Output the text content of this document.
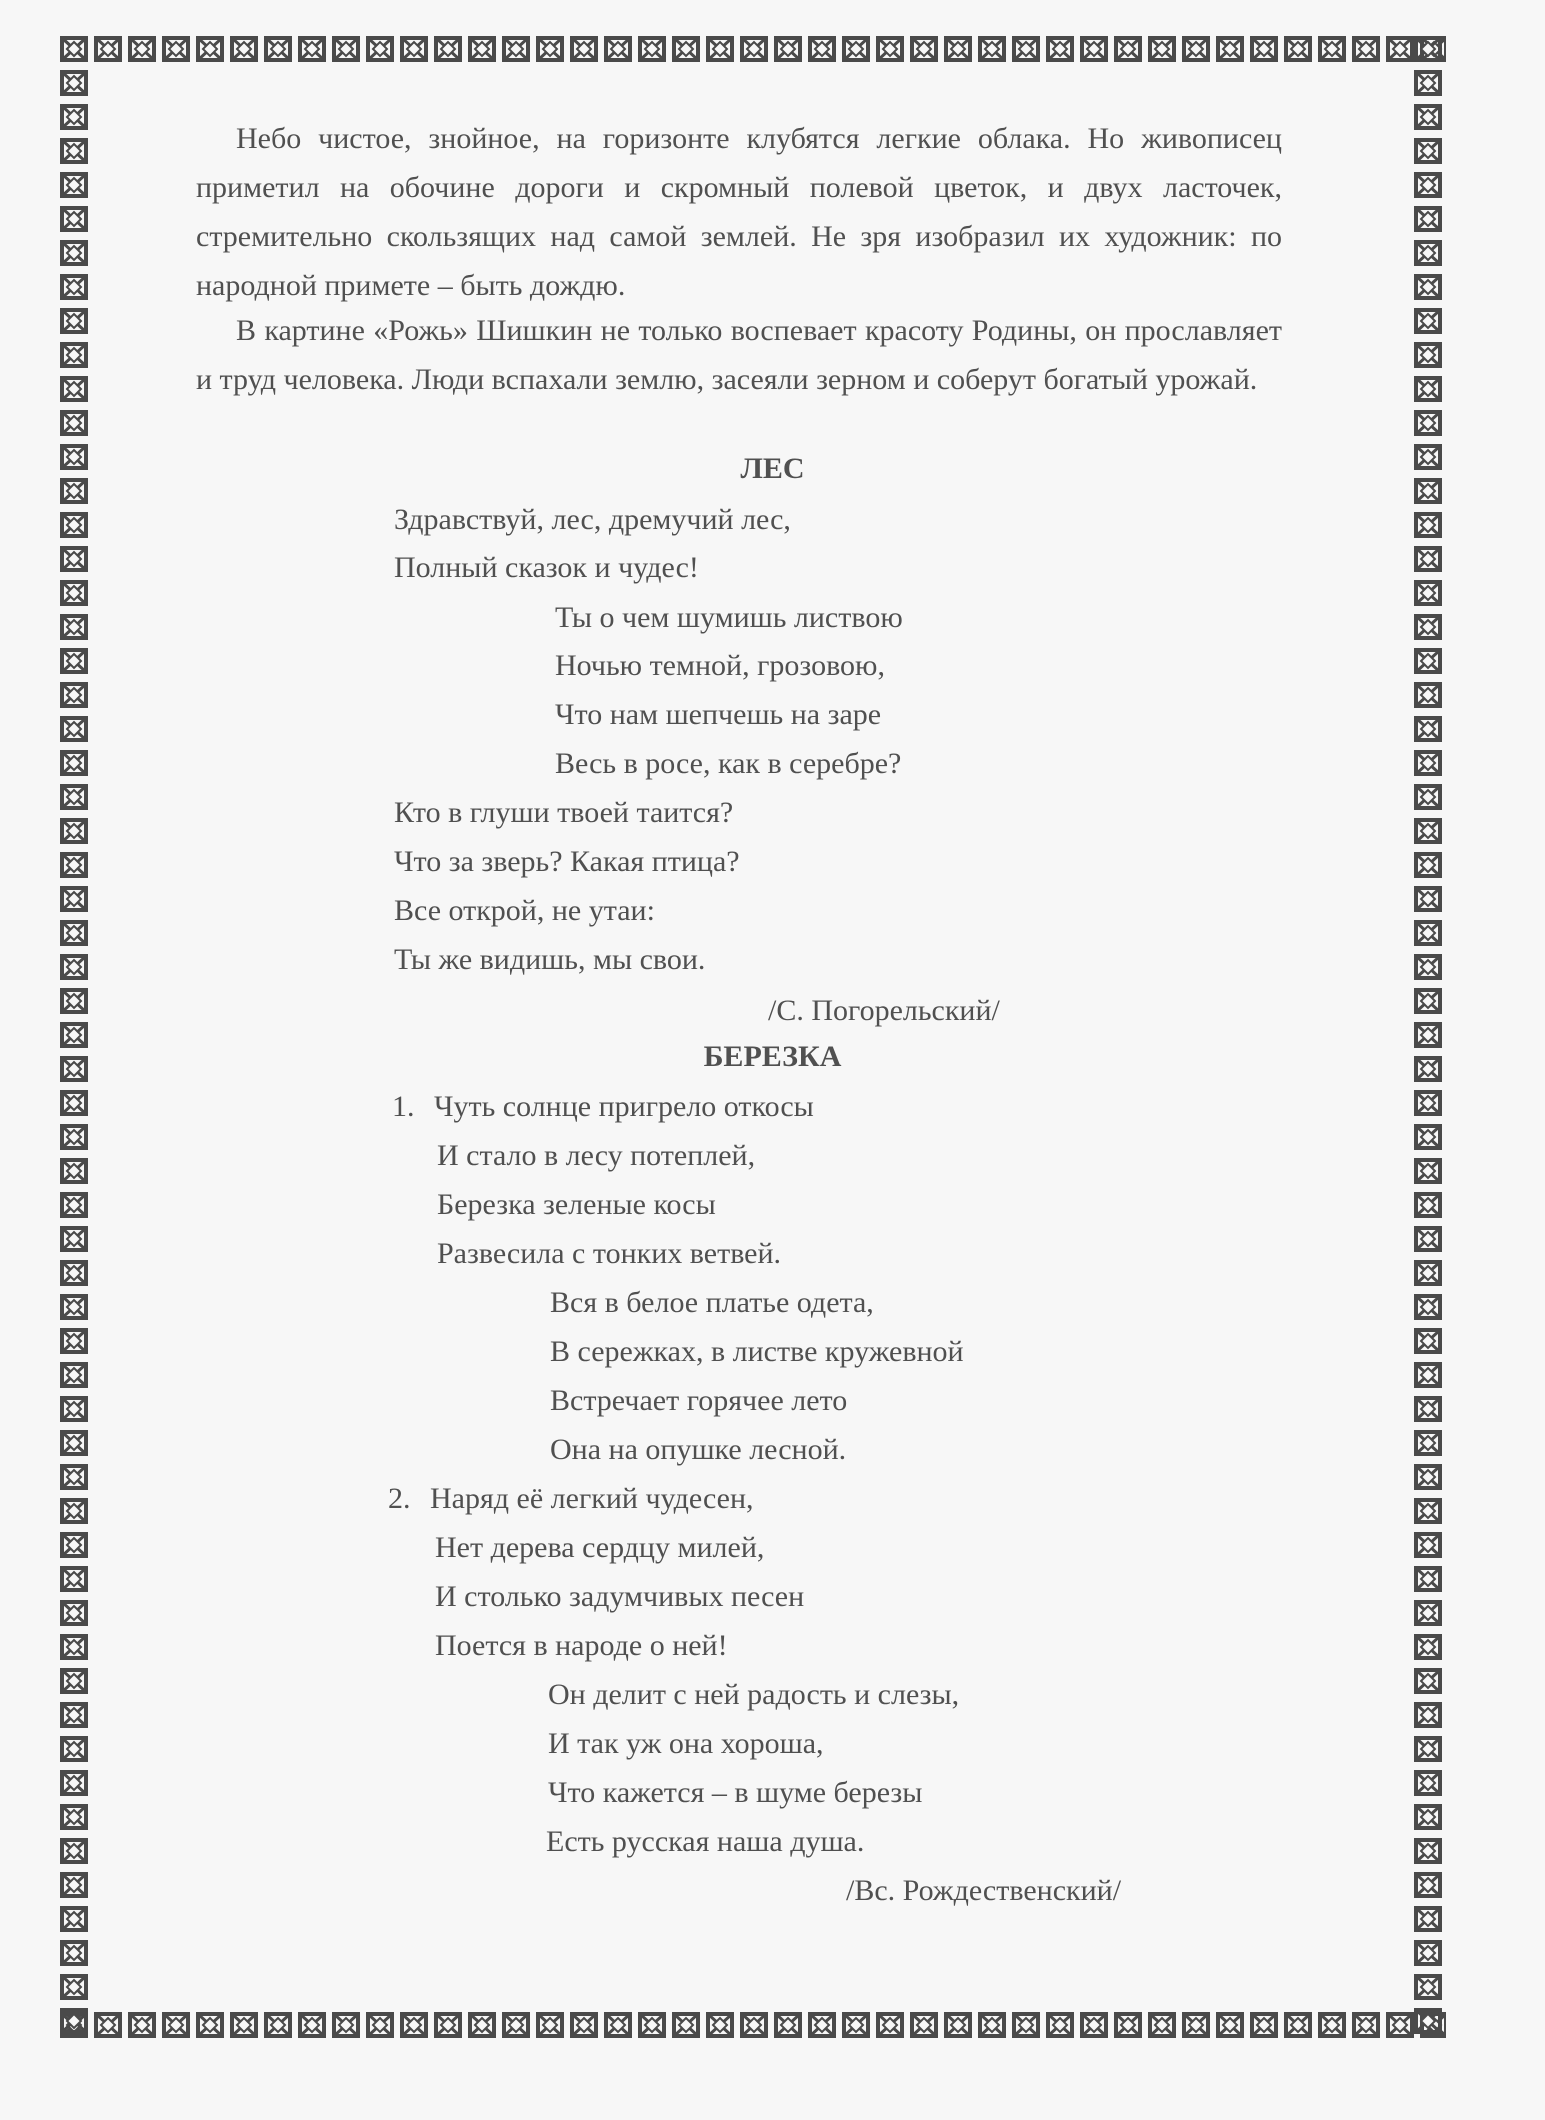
Небо чистое, знойное, на горизонте клубятся легкие облака. Но живописец приметил на обочине дороги и скромный полевой цветок, и двух ласточек, стремительно скользящих над самой землей. Не зря изобразил их художник: по народной примете – быть дождю.

В картине «Рожь» Шишкин не только воспевает красоту Родины, он прославляет и труд человека. Люди вспахали землю, засеяли зерном и соберут богатый урожай.

ЛЕС

Здравствуй, лес, дремучий лес,

Полный сказок и чудес!

Ты о чем шумишь листвою

Ночью темной, грозовою,

Что нам шепчешь на заре

Весь в росе, как в серебре?

Кто в глуши твоей таится?

Что за зверь? Какая птица?

Все открой, не утаи:

Ты же видишь, мы свои.

/С. Погорельский/

БЕРЕЗКА

1. Чуть солнце пригрело откосы

И стало в лесу потеплей,

Березка зеленые косы

Развесила с тонких ветвей.

Вся в белое платье одета,

В сережках, в листве кружевной

Встречает горячее лето

Она на опушке лесной.

2. Наряд её легкий чудесен,

Нет дерева сердцу милей,

И столько задумчивых песен

Поется в народе о ней!

Он делит с ней радость и слезы,

И так уж она хороша,

Что кажется – в шуме березы

Есть русская наша душа.

/Вс. Рождественский/
